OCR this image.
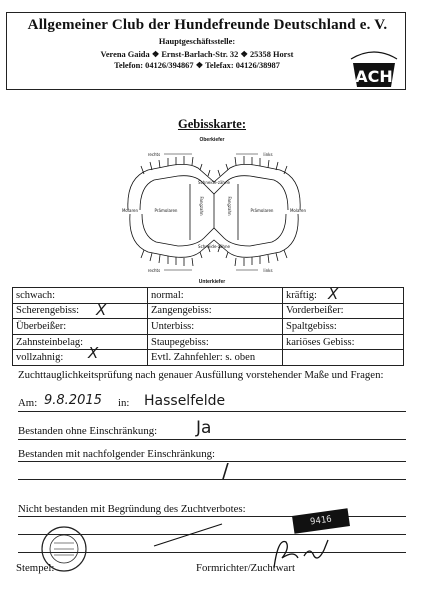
Allgemeiner Club der Hundefreunde Deutschland e. V.
Hauptgeschäftsstelle:
Verena Gaida ❖ Ernst-Barlach-Str. 32 ❖ 25358 Horst
Telefon: 04126/394867 ❖ Telefax: 04126/38987
ACH
Gebisskarte:
Oberkiefer
Unterkiefer
Molaren	Prämolaren	Prämolaren	Molaren
Fangzahn	Fangzahn
Schneide-zähne
Schneide-zähne
rechts	links
rechts	links
schwach:	normal:	kräftig:
Scherengebiss:	Zangengebiss:	Vorderbeißer:
Überbeißer:	Unterbiss:	Spaltgebiss:
Zahnsteinbelag:	Staupegebiss:	kariöses Gebiss:
vollzahnig:	Evtl. Zahnfehler: s. oben	
X
X
X
Zuchttauglichkeitsprüfung nach genauer Ausfüllung vorstehender Maße und Fragen:
Am: 9.8.2015 in: Hasselfelde
Bestanden ohne Einschränkung: Ja
Bestanden mit nachfolgender Einschränkung:
/
Nicht bestanden mit Begründung des Zuchtverbotes:
9416
Stempel:	Formrichter/Zuchtwart
